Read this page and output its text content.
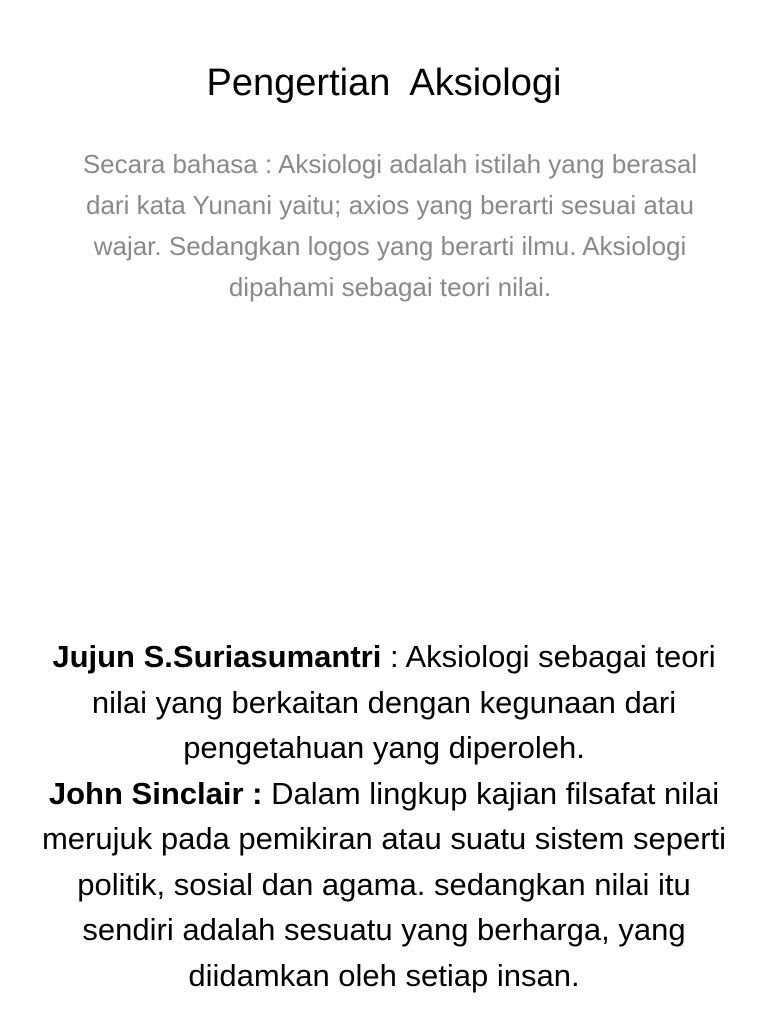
Pengertian  Aksiologi
Secara bahasa : Aksiologi adalah istilah yang berasal dari kata Yunani yaitu; axios yang berarti sesuai atau wajar. Sedangkan logos yang berarti ilmu. Aksiologi dipahami sebagai teori nilai.

Jujun S.Suriasumantri : Aksiologi sebagai teori nilai yang berkaitan dengan kegunaan dari pengetahuan yang diperoleh.

John Sinclair : Dalam lingkup kajian filsafat nilai merujuk pada pemikiran atau suatu sistem seperti politik, sosial dan agama. sedangkan nilai itu sendiri adalah sesuatu yang berharga, yang diidamkan oleh setiap insan.
